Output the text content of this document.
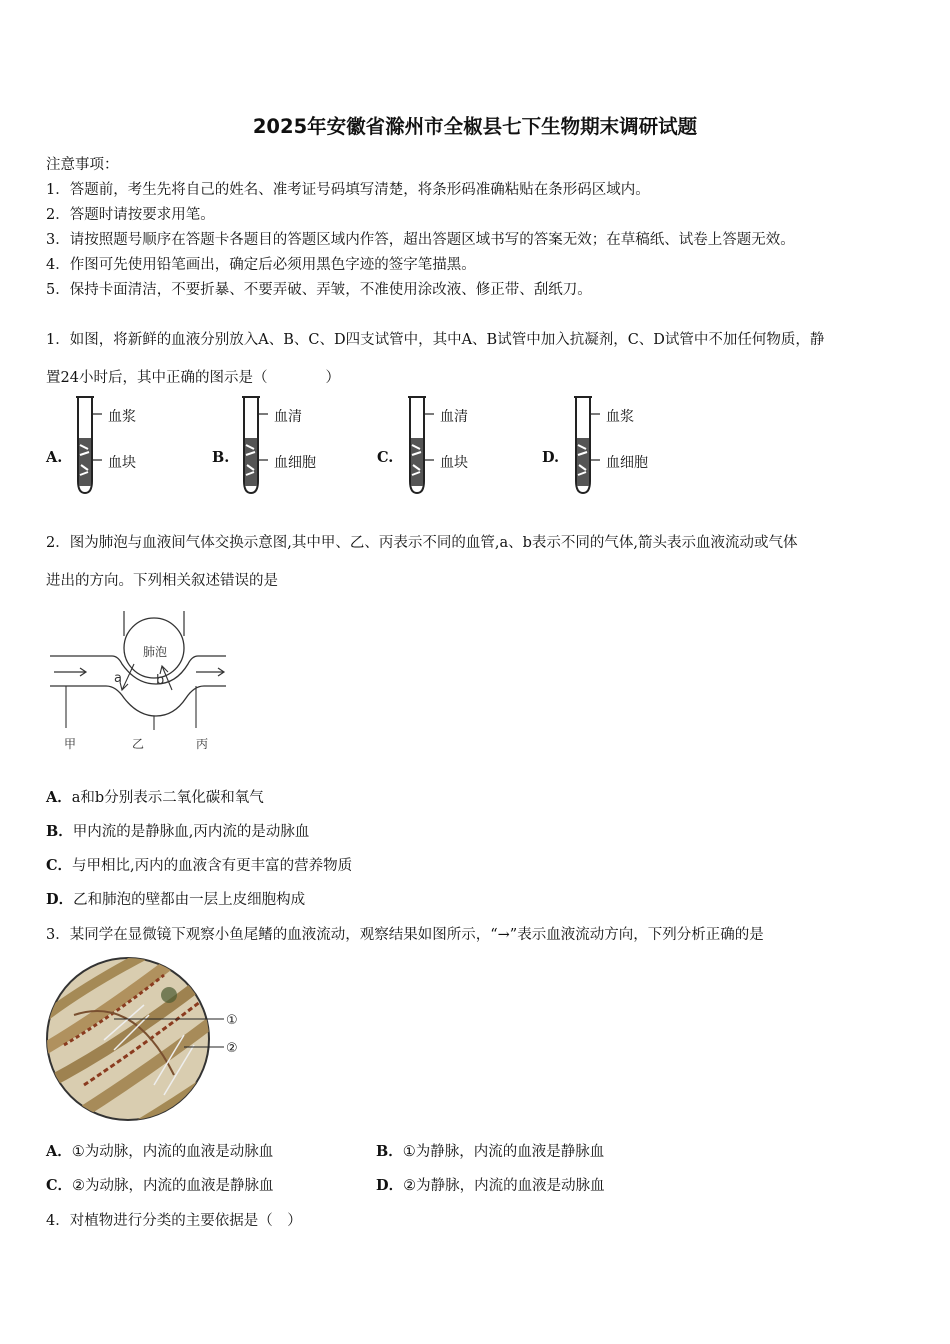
2025年安徽省滁州市全椒县七下生物期末调研试题
注意事项：
1．答题前，考生先将自己的姓名、准考证号码填写清楚，将条形码准确粘贴在条形码区域内。
2．答题时请按要求用笔。
3．请按照题号顺序在答题卡各题目的答题区域内作答，超出答题区域书写的答案无效；在草稿纸、试卷上答题无效。
4．作图可先使用铅笔画出，确定后必须用黑色字迹的签字笔描黑。
5．保持卡面清洁，不要折暴、不要弄破、弄皱，不准使用涂改液、修正带、刮纸刀。
1．如图，将新鲜的血液分别放入A、B、C、D四支试管中，其中A、B试管中加入抗凝剂，C、D试管中不加任何物质，静
置24小时后，其中正确的图示是（　　　　）
A.
血浆
血块	B.
血清
血细胞	C.
血清
血块	D.
血浆
血细胞
2．图为肺泡与血液间气体交换示意图,其中甲、乙、丙表示不同的血管,a、b表示不同的气体,箭头表示血液流动或气体
进出的方向。下列相关叙述错误的是
肺泡
a	b
甲	乙	丙
A．a和b分别表示二氧化碳和氧气
B．甲内流的是静脉血,丙内流的是动脉血
C．与甲相比,丙内的血液含有更丰富的营养物质
D．乙和肺泡的壁都由一层上皮细胞构成
3．某同学在显微镜下观察小鱼尾鳍的血液流动，观察结果如图所示，“→”表示血液流动方向，下列分析正确的是
①
②
A．①为动脉，内流的血液是动脉血	B．①为静脉，内流的血液是静脉血
C．②为动脉，内流的血液是静脉血	D．②为静脉，内流的血液是动脉血
4．对植物进行分类的主要依据是（　）
